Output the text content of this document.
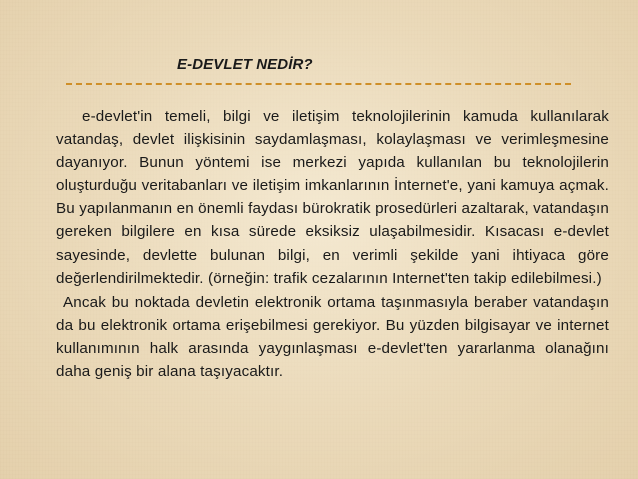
E-DEVLET NEDİR?

e-devlet'in temeli, bilgi ve iletişim teknolojilerinin kamuda kullanılarak vatandaş, devlet ilişkisinin saydamlaşması, kolaylaşması ve verimleşmesine dayanıyor. Bunun yöntemi ise merkezi yapıda kullanılan bu teknolojilerin oluşturduğu veritabanları ve iletişim imkanlarının İnternet'e, yani kamuya açmak. Bu yapılanmanın en önemli faydası bürokratik prosedürleri azaltarak, vatandaşın gereken bilgilere en kısa sürede eksiksiz ulaşabilmesidir. Kısacası e-devlet sayesinde, devlette bulunan bilgi, en verimli şekilde yani ihtiyaca göre değerlendirilmektedir. (örneğin: trafik cezalarının Internet'ten takip edilebilmesi.)

Ancak bu noktada devletin elektronik ortama taşınmasıyla beraber vatandaşın da bu elektronik ortama erişebilmesi gerekiyor. Bu yüzden bilgisayar ve internet kullanımının halk arasında yaygınlaşması e-devlet'ten yararlanma olanağını daha geniş bir alana taşıyacaktır.
